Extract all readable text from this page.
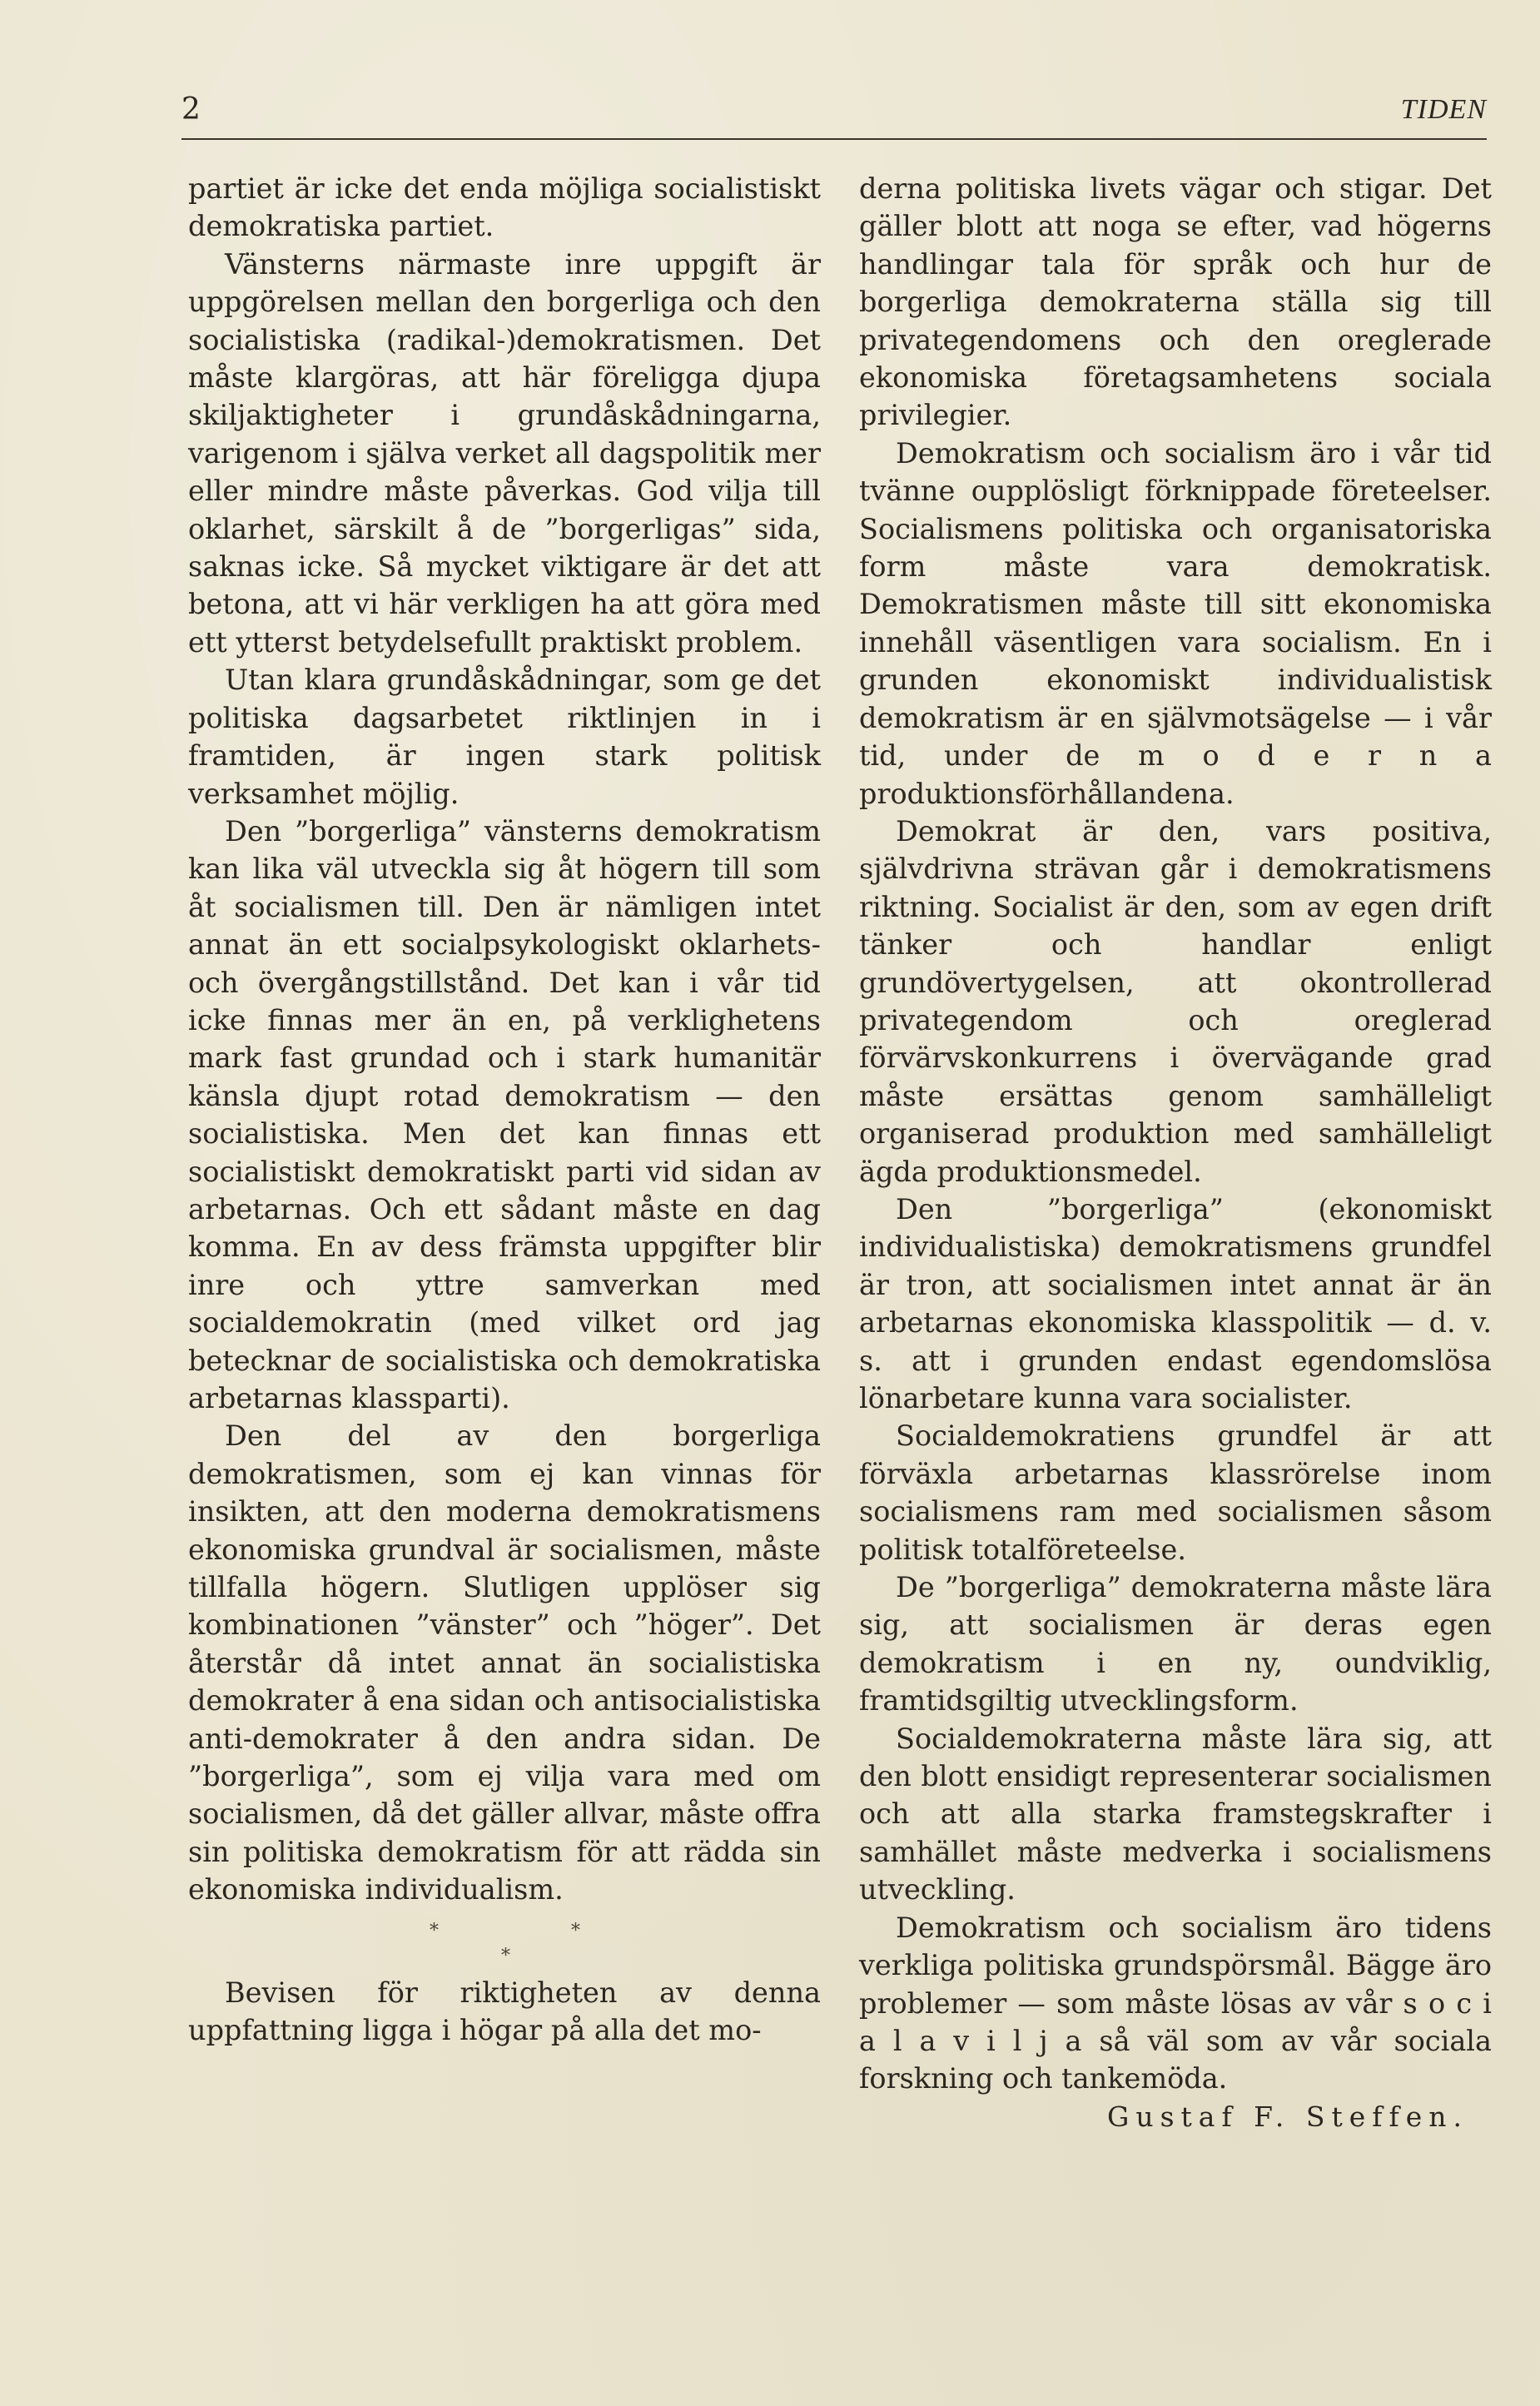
2	TIDEN

partiet är icke det enda möjliga socialistiskt demokratiska partiet.

Vänsterns närmaste inre uppgift är uppgörelsen mellan den borgerliga och den socialistiska (radikal-)demokratismen. Det måste klargöras, att här föreligga djupa skiljaktigheter i grundåskådningarna, varigenom i själva verket all dagspolitik mer eller mindre måste påverkas. God vilja till oklarhet, särskilt å de ”borgerligas” sida, saknas icke. Så mycket viktigare är det att betona, att vi här verkligen ha att göra med ett ytterst betydelsefullt praktiskt problem.

Utan klara grundåskådningar, som ge det politiska dagsarbetet riktlinjen in i framtiden, är ingen stark politisk verksamhet möjlig.

Den ”borgerliga” vänsterns demokratism kan lika väl utveckla sig åt högern till som åt socialismen till. Den är nämligen intet annat än ett socialpsykologiskt oklarhets- och övergångstillstånd. Det kan i vår tid icke finnas mer än en, på verklighetens mark fast grundad och i stark humanitär känsla djupt rotad demokratism — den socialistiska. Men det kan finnas ett socialistiskt demokratiskt parti vid sidan av arbetarnas. Och ett sådant måste en dag komma. En av dess främsta uppgifter blir inre och yttre samverkan med socialdemokratin (med vilket ord jag betecknar de socialistiska och demokratiska arbetarnas klassparti).

Den del av den borgerliga demokratismen, som ej kan vinnas för insikten, att den moderna demokratismens ekonomiska grundval är socialismen, måste tillfalla högern. Slutligen upplöser sig kombinationen ”vänster” och ”höger”. Det återstår då intet annat än socialistiska demokrater å ena sidan och antisocialistiska anti-demokrater å den andra sidan. De ”borgerliga”, som ej vilja vara med om socialismen, då det gäller allvar, måste offra sin politiska demokratism för att rädda sin ekonomiska individualism.

*	*
*

Bevisen för riktigheten av denna uppfattning ligga i högar på alla det mo-

derna politiska livets vägar och stigar. Det gäller blott att noga se efter, vad högerns handlingar tala för språk och hur de borgerliga demokraterna ställa sig till privategendomens och den oreglerade ekonomiska företagsamhetens sociala privilegier.

Demokratism och socialism äro i vår tid tvänne oupplösligt förknippade företeelser. Socialismens politiska och organisatoriska form måste vara demokratisk. Demokratismen måste till sitt ekonomiska innehåll väsentligen vara socialism. En i grunden ekonomiskt individualistisk demokratism är en självmotsägelse — i vår tid, under de m o d e r n a produktionsförhållandena.

Demokrat är den, vars positiva, självdrivna strävan går i demokratismens riktning. Socialist är den, som av egen drift tänker och handlar enligt grundövertygelsen, att okontrollerad privategendom och oreglerad förvärvskonkurrens i övervägande grad måste ersättas genom samhälleligt organiserad produktion med samhälleligt ägda produktionsmedel.

Den ”borgerliga” (ekonomiskt individualistiska) demokratismens grundfel är tron, att socialismen intet annat är än arbetarnas ekonomiska klasspolitik — d. v. s. att i grunden endast egendomslösa lönarbetare kunna vara socialister.

Socialdemokratiens grundfel är att förväxla arbetarnas klassrörelse inom socialismens ram med socialismen såsom politisk totalföreteelse.

De ”borgerliga” demokraterna måste lära sig, att socialismen är deras egen demokratism i en ny, oundviklig, framtidsgiltig utvecklingsform.

Socialdemokraterna måste lära sig, att den blott ensidigt representerar socialismen och att alla starka framstegskrafter i samhället måste medverka i socialismens utveckling.

Demokratism och socialism äro tidens verkliga politiska grundspörsmål. Bägge äro problemer — som måste lösas av vår s o c i a l a v i l j a så väl som av vår sociala forskning och tankemöda.

Gustaf F. Steffen.
